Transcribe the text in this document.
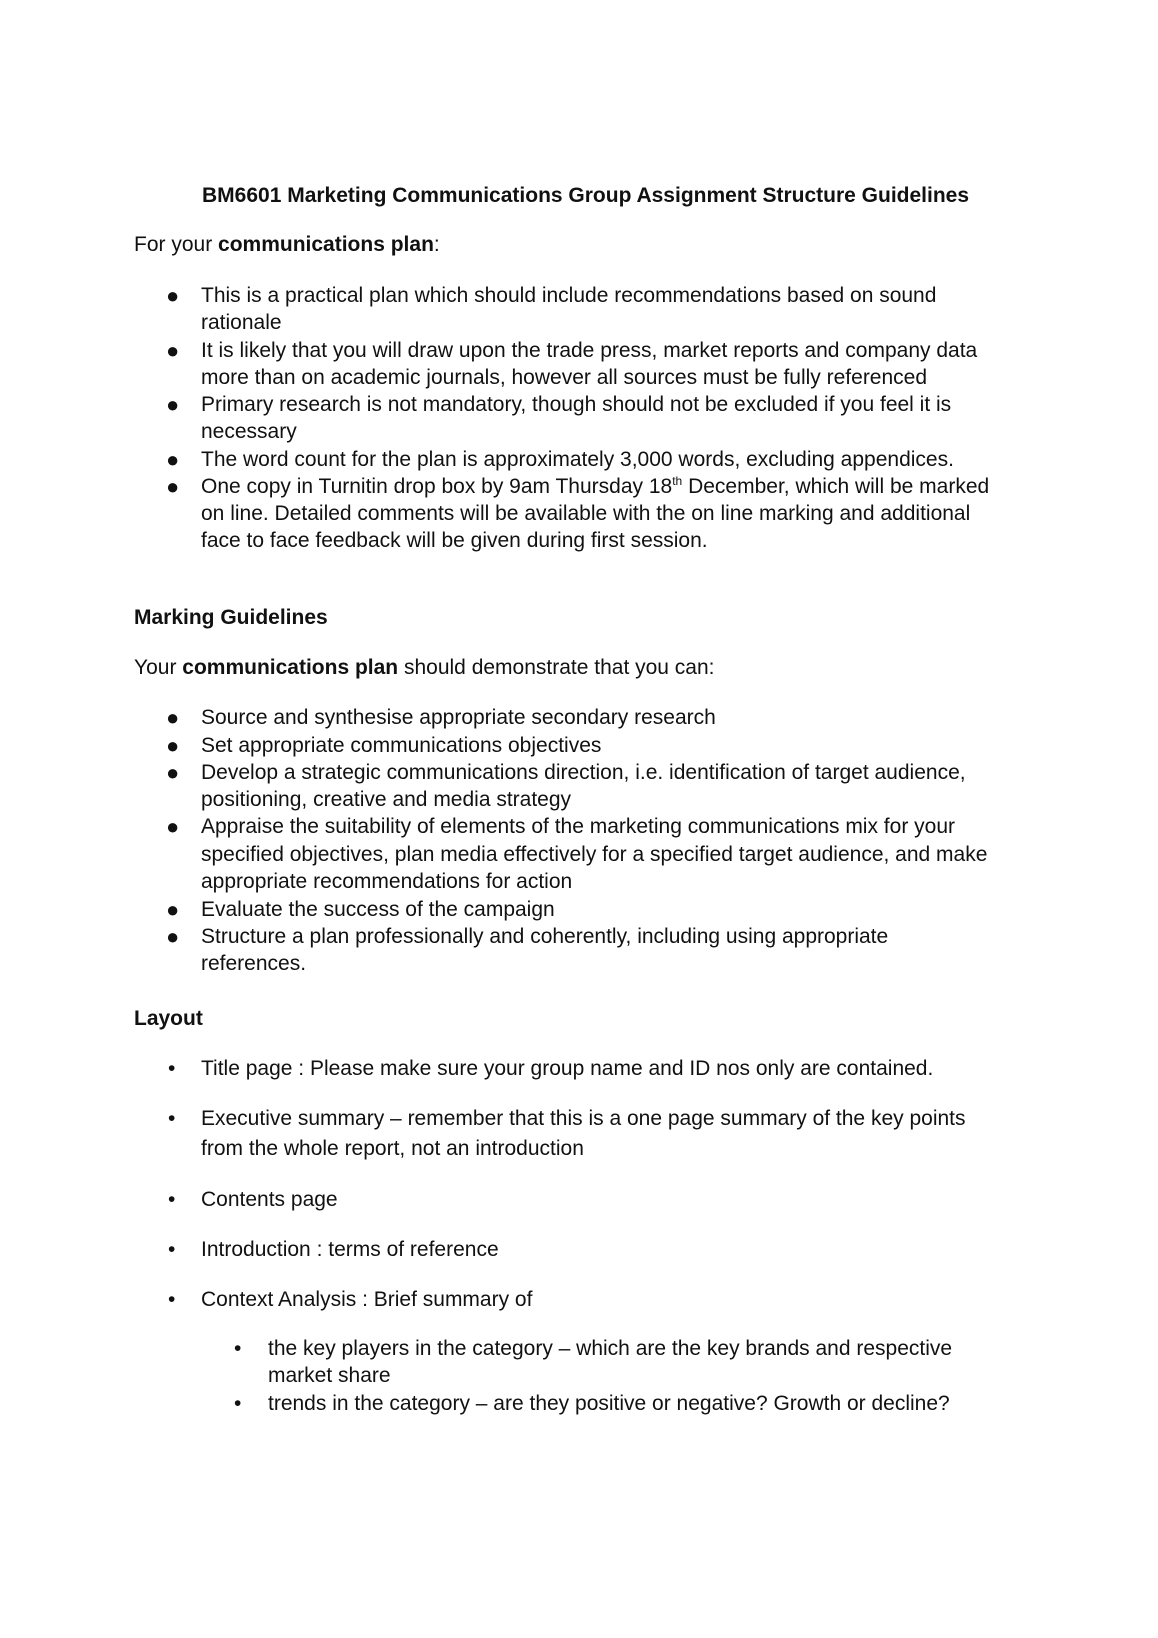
BM6601 Marketing Communications Group Assignment Structure Guidelines
For your communications plan:
● This is a practical plan which should include recommendations based on sound
rationale
● It is likely that you will draw upon the trade press, market reports and company data
more than on academic journals, however all sources must be fully referenced
● Primary research is not mandatory, though should not be excluded if you feel it is
necessary
● The word count for the plan is approximately 3,000 words, excluding appendices.
● One copy in Turnitin drop box by 9am Thursday 18th December, which will be marked
on line. Detailed comments will be available with the on line marking and additional
face to face feedback will be given during first session.
Marking Guidelines
Your communications plan should demonstrate that you can:
● Source and synthesise appropriate secondary research
● Set appropriate communications objectives
● Develop a strategic communications direction, i.e. identification of target audience,
positioning, creative and media strategy
● Appraise the suitability of elements of the marketing communications mix for your
specified objectives, plan media effectively for a specified target audience, and make
appropriate recommendations for action
● Evaluate the success of the campaign
● Structure a plan professionally and coherently, including using appropriate
references.
Layout
• Title page : Please make sure your group name and ID nos only are contained.
• Executive summary – remember that this is a one page summary of the key points
from the whole report, not an introduction
• Contents page
• Introduction : terms of reference
• Context Analysis : Brief summary of
• the key players in the category – which are the key brands and respective
market share
• trends in the category – are they positive or negative? Growth or decline?
